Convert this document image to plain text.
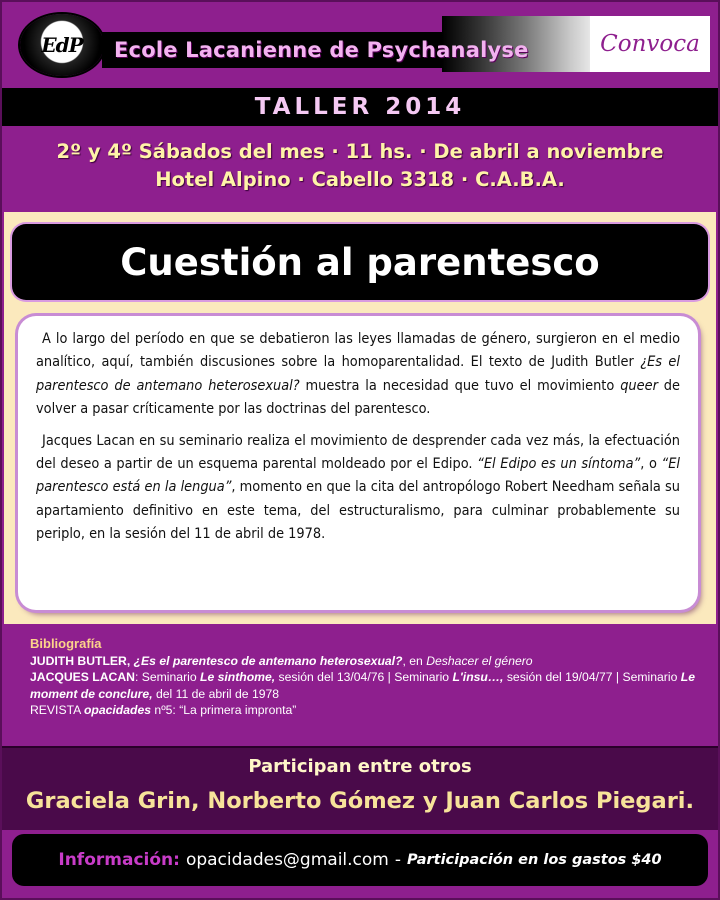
EdP Ecole Lacanienne de Psychanalyse	Convoca
TALLER 2014
2º y 4º Sábados del mes · 11 hs. · De abril a noviembre
Hotel Alpino · Cabello 3318 · C.A.B.A.
Cuestión al parentesco

A lo largo del período en que se debatieron las leyes llamadas de género, surgieron en el medio analítico, aquí, también discusiones sobre la homoparentalidad. El texto de Judith Butler ¿Es el parentesco de antemano heterosexual? muestra la necesidad que tuvo el movimiento queer de volver a pasar críticamente por las doctrinas del parentesco.

Jacques Lacan en su seminario realiza el movimiento de desprender cada vez más, la efectuación del deseo a partir de un esquema parental moldeado por el Edipo. “El Edipo es un síntoma”, o “El parentesco está en la lengua”, momento en que la cita del antropólogo Robert Needham señala su apartamiento definitivo en este tema, del estructuralismo, para culminar probablemente su periplo, en la sesión del 11 de abril de 1978.

Bibliografía
JUDITH BUTLER, ¿Es el parentesco de antemano heterosexual?, en Deshacer el género
JACQUES LACAN: Seminario Le sinthome, sesión del 13/04/76 | Seminario L'insu…, sesión del 19/04/77 | Seminario Le moment de conclure, del 11 de abril de 1978
REVISTA opacidades nº5: “La primera impronta”
Participan entre otros
Graciela Grin, Norberto Gómez y Juan Carlos Piegari.
Información: opacidades@gmail.com - Participación en los gastos $40
